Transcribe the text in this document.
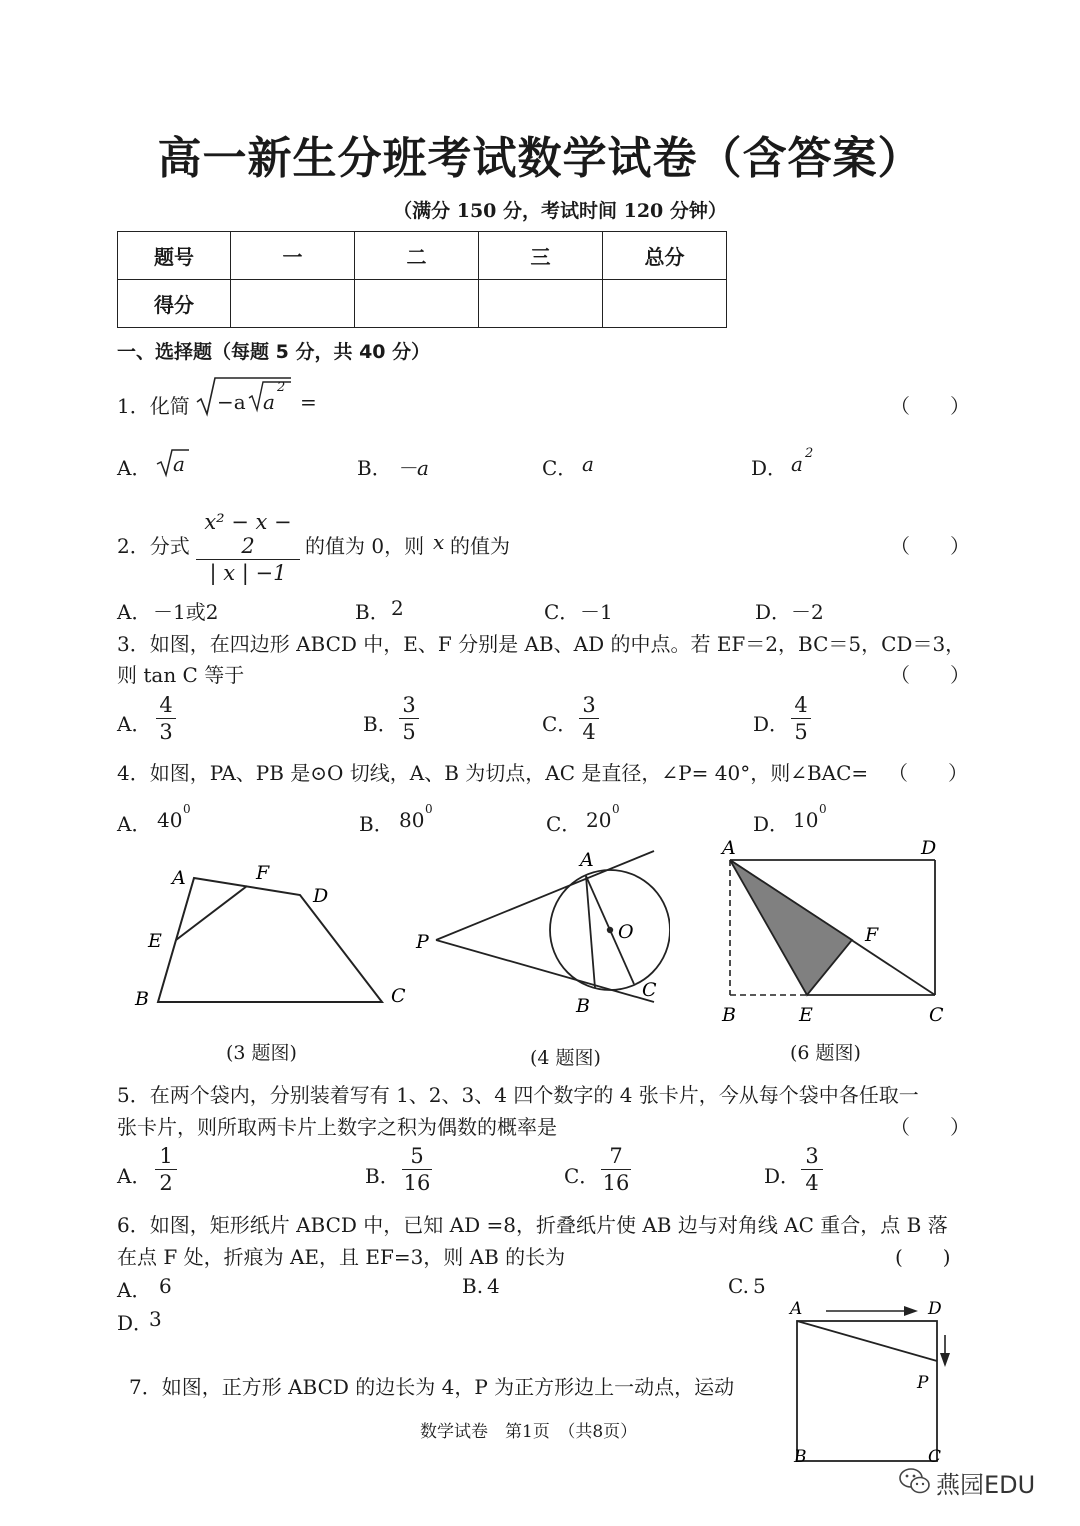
高一新生分班考试数学试卷（含答案）
（满分 150 分，考试时间 120 分钟）
题号	一	二	三	总分
得分				
一、选择题（每题 5 分，共 40 分）
1．化简 −a a
2
=	（　　）
A． a	B． －a	C． a	D． a 2
2．分式
x² − x − 2
| x | −1
的值为 0，则 x 的值为	（　　）
A． －1或2	B． 2	C． －1	D． －2
3．如图，在四边形 ABCD 中，E、F 分别是 AB、AD 的中点。若 EF＝2，BC＝5，CD＝3，
则 tan C 等于	（　　）
A．
4
3	B．
3
5	C．
3
4	D．
4
5
4．如图，PA、PB 是⊙O 切线，A、B 为切点，AC 是直径，∠P= 40°，则∠BAC= （　　）
A． 40 0
B． 80 0
C． 20 0
D． 10 0
A	F
D
E
B	C
(3 题图)
A
P	O
B
C
(4 题图)
A	D
F
B	E	C
(6 题图)
5．在两个袋内，分别装着写有 1、2、3、4 四个数字的 4 张卡片，今从每个袋中各任取一
张卡片，则所取两卡片上数字之积为偶数的概率是	（　　）
A．
1
2	B．
5
16	C．
7
16	D．
3
4
6．如图，矩形纸片 ABCD 中，已知 AD =8，折叠纸片使 AB 边与对角线 AC 重合，点 B 落
在点 F 处，折痕为 AE，且 EF=3，则 AB 的长为	(　　)
A． 6	B. 4	C. 5
D．
3	A	D
P
B	C
7．如图，正方形 ABCD 的边长为 4，P 为正方形边上一动点，运动
数学试卷　第1页　（共8页）
燕园EDU
